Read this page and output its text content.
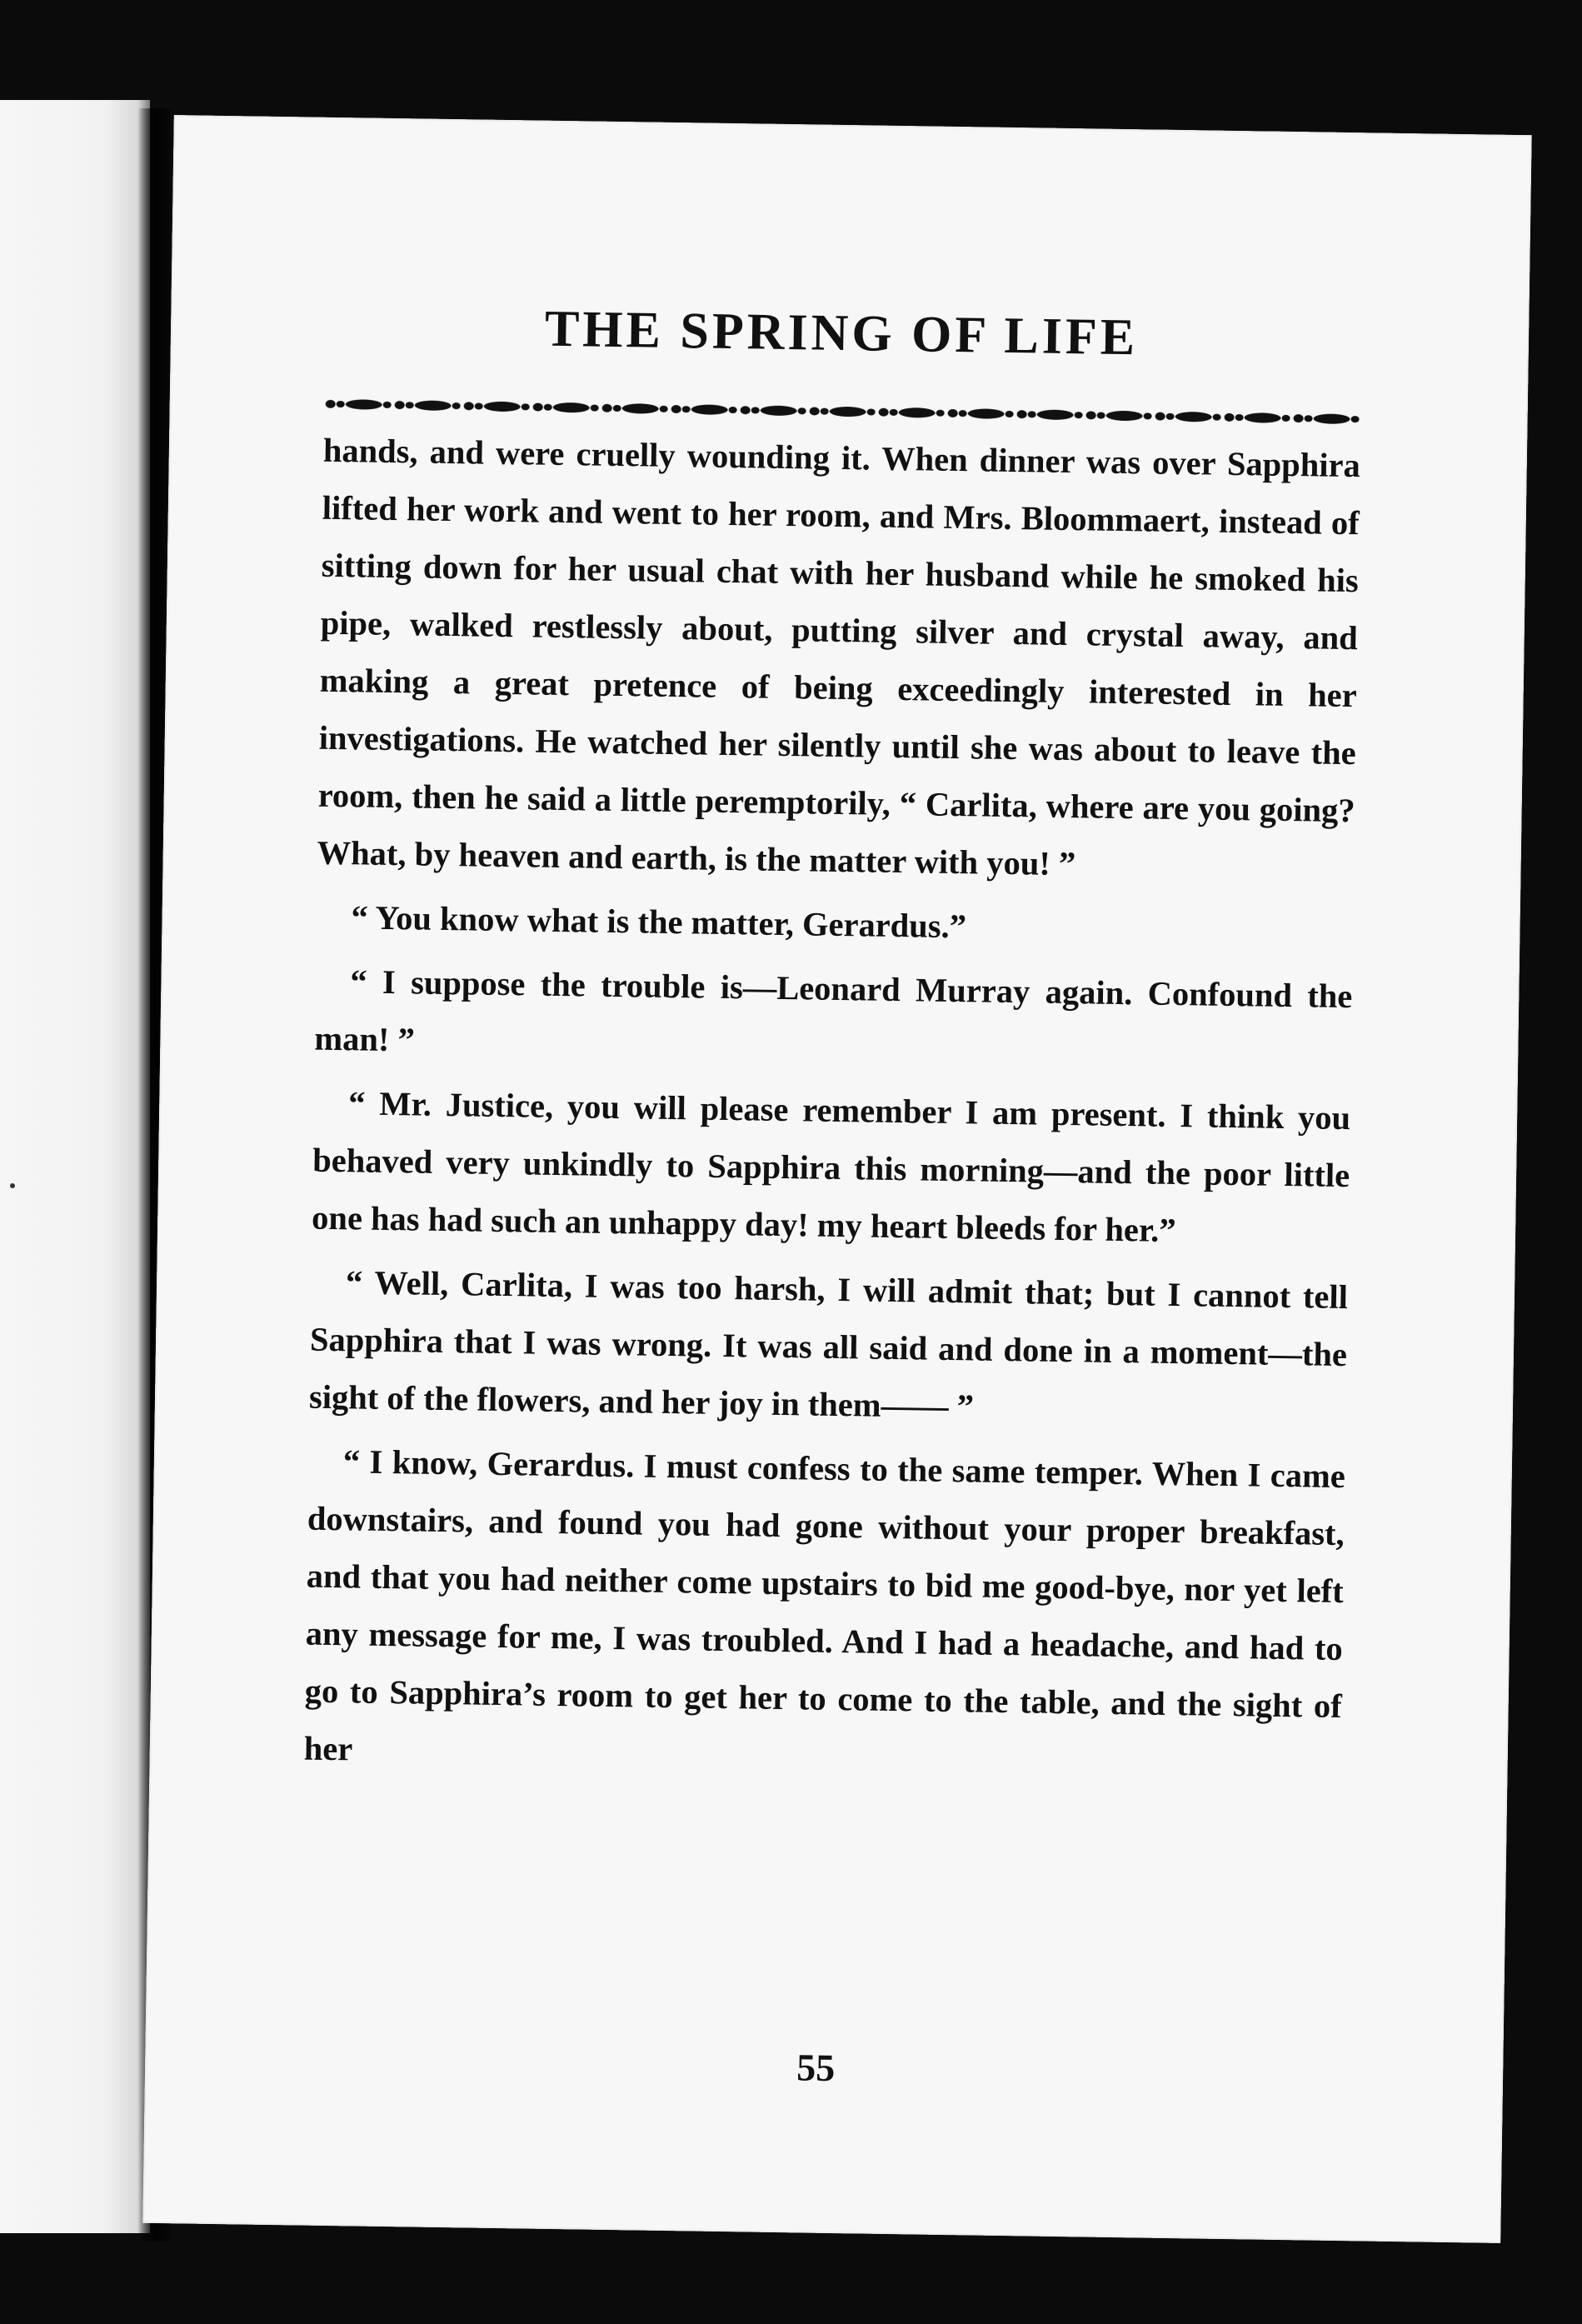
THE SPRING OF LIFE

hands, and were cruelly wounding it. When dinner was over Sapphira lifted her work and went to her room, and Mrs. Bloommaert, instead of sitting down for her usual chat with her husband while he smoked his pipe, walked restlessly about, putting silver and crystal away, and making a great pretence of being exceedingly interested in her investigations. He watched her silently until she was about to leave the room, then he said a little peremptorily, “ Carlita, where are you going? What, by heaven and earth, is the matter with you! ”

“ You know what is the matter, Gerardus.”

“ I suppose the trouble is—Leonard Murray again. Confound the man! ”

“ Mr. Justice, you will please remember I am present. I think you behaved very unkindly to Sapphira this morning—and the poor little one has had such an unhappy day! my heart bleeds for her.”

“ Well, Carlita, I was too harsh, I will admit that; but I cannot tell Sapphira that I was wrong. It was all said and done in a moment—the sight of the flowers, and her joy in them—— ”

“ I know, Gerardus. I must confess to the same temper. When I came downstairs, and found you had gone without your proper breakfast, and that you had neither come upstairs to bid me good-bye, nor yet left any message for me, I was troubled. And I had a headache, and had to go to Sapphira’s room to get her to come to the table, and the sight of her

55
